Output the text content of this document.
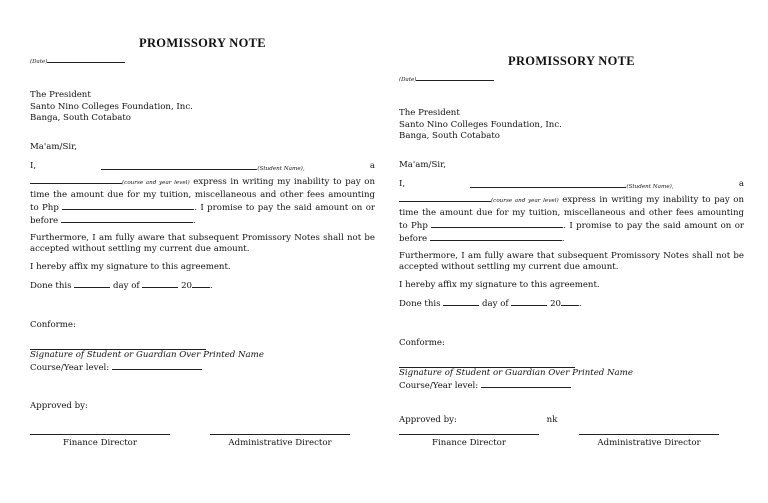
PROMISSORY NOTE
(Date)
The President
Santo Nino Colleges Foundation, Inc.
Banga, South Cotabato
Ma'am/Sir,
I,	(Student Name),	a
(course and year level) express in writing my inability to pay on time the amount due for my tuition, miscellaneous and other fees amounting to Php	. I promise to pay the said amount on or before	.
Furthermore, I am fully aware that subsequent Promissory Notes shall not be accepted without settling my current due amount.
I hereby affix my signature to this agreement.
Done this	day of	20 .
Conforme:
Signature of Student or Guardian Over Printed Name
Course/Year level:
Approved by:
Finance Director	Administrative Director
PROMISSORY NOTE
(Date)
The President
Santo Nino Colleges Foundation, Inc.
Banga, South Cotabato
Ma'am/Sir,
I,	(Student Name),	a
(course and year level) express in writing my inability to pay on time the amount due for my tuition, miscellaneous and other fees amounting to Php	. I promise to pay the said amount on or before	.
Furthermore, I am fully aware that subsequent Promissory Notes shall not be accepted without settling my current due amount.
I hereby affix my signature to this agreement.
Done this	day of	20 .
Conforme:
Signature of Student or Guardian Over Printed Name
Course/Year level:
Approved by:	nk
Finance Director	Administrative Director
